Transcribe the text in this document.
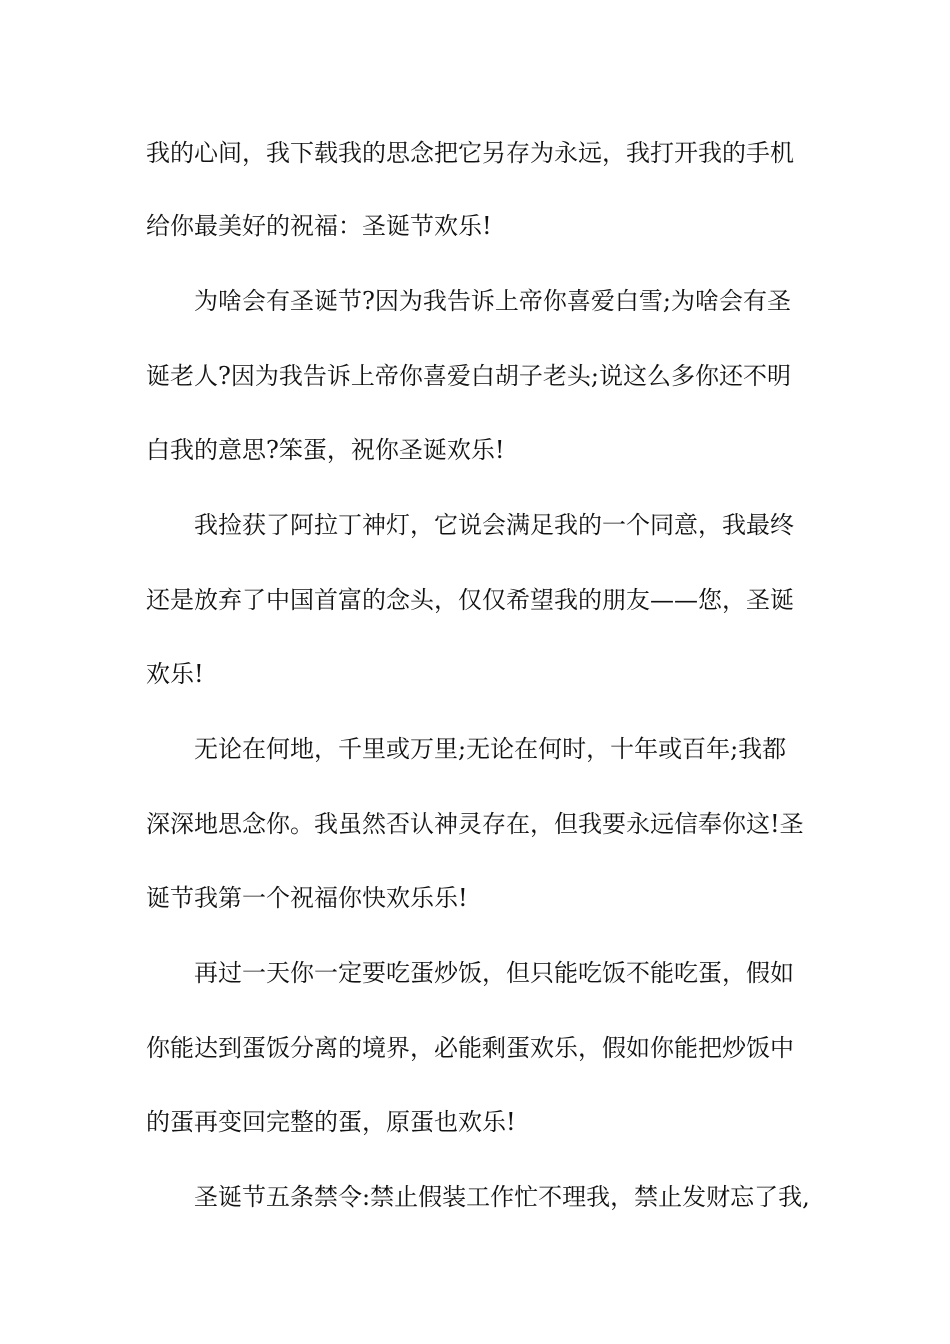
我的心间，我下载我的思念把它另存为永远，我打开我的手机
给你最美好的祝福：圣诞节欢乐!
为啥会有圣诞节?因为我告诉上帝你喜爱白雪;为啥会有圣
诞老人?因为我告诉上帝你喜爱白胡子老头;说这么多你还不明
白我的意思?笨蛋，祝你圣诞欢乐!
我捡获了阿拉丁神灯，它说会满足我的一个同意，我最终
还是放弃了中国首富的念头，仅仅希望我的朋友——您，圣诞
欢乐!
无论在何地，千里或万里;无论在何时，十年或百年;我都
深深地思念你。我虽然否认神灵存在，但我要永远信奉你这!圣
诞节我第一个祝福你快欢乐乐!
再过一天你一定要吃蛋炒饭，但只能吃饭不能吃蛋，假如
你能达到蛋饭分离的境界，必能剩蛋欢乐，假如你能把炒饭中
的蛋再变回完整的蛋，原蛋也欢乐!
圣诞节五条禁令:禁止假装工作忙不理我，禁止发财忘了我,
